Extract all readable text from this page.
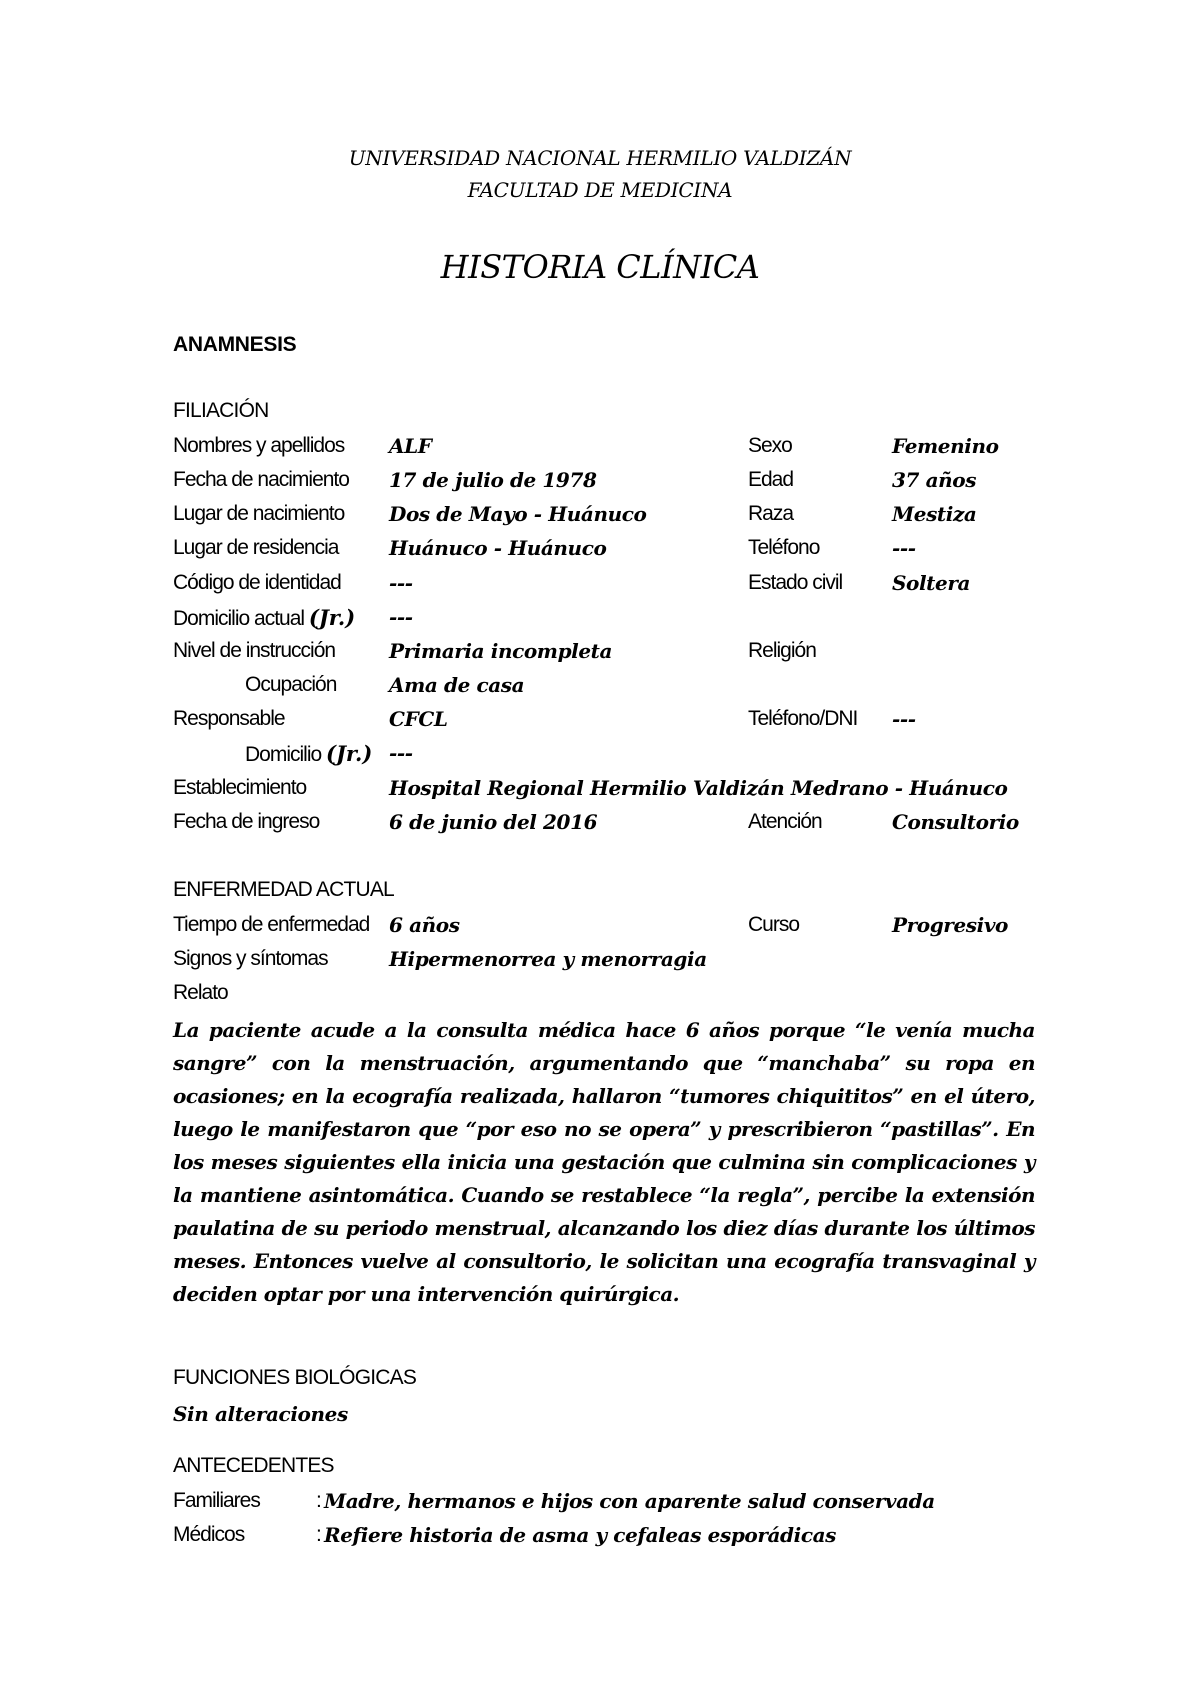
UNIVERSIDAD NACIONAL HERMILIO VALDIZÁN
FACULTAD DE MEDICINA
HISTORIA CLÍNICA
ANAMNESIS
FILIACIÓN
Nombres y apellidos ALF	Sexo	Femenino
Fecha de nacimiento 17 de julio de 1978	Edad	37 años
Lugar de nacimiento Dos de Mayo - Huánuco	Raza	Mestiza
Lugar de residencia	Huánuco - Huánuco	Teléfono	---
Código de identidad ---	Estado civil Soltera
Domicilio actual (Jr.) ---
Nivel de instrucción	Primaria incompleta	Religión
Ocupación	Ama de casa
Responsable	CFCL	Teléfono/DNI ---
Domicilio (Jr.) ---
Establecimiento	Hospital Regional Hermilio Valdizán Medrano - Huánuco
Fecha de ingreso	6 de junio del 2016	Atención	Consultorio
ENFERMEDAD ACTUAL
Tiempo de enfermedad 6 años	Curso	Progresivo
Signos y síntomas	Hipermenorrea y menorragia
Relato
La paciente acude a la consulta médica hace 6 años porque “le venía mucha sangre” con la menstruación, argumentando que “manchaba” su ropa en ocasiones; en la ecografía realizada, hallaron “tumores chiquititos” en el útero, luego le manifestaron que “por eso no se opera” y prescribieron “pastillas”. En los meses siguientes ella inicia una gestación que culmina sin complicaciones y la mantiene asintomática. Cuando se restablece “la regla”, percibe la extensión paulatina de su periodo menstrual, alcanzando los diez días durante los últimos meses. Entonces vuelve al consultorio, le solicitan una ecografía transvaginal y deciden optar por una intervención quirúrgica.
FUNCIONES BIOLÓGICAS
Sin alteraciones
ANTECEDENTES
Familiares	: Madre, hermanos e hijos con aparente salud conservada
Médicos	: Refiere historia de asma y cefaleas esporádicas
